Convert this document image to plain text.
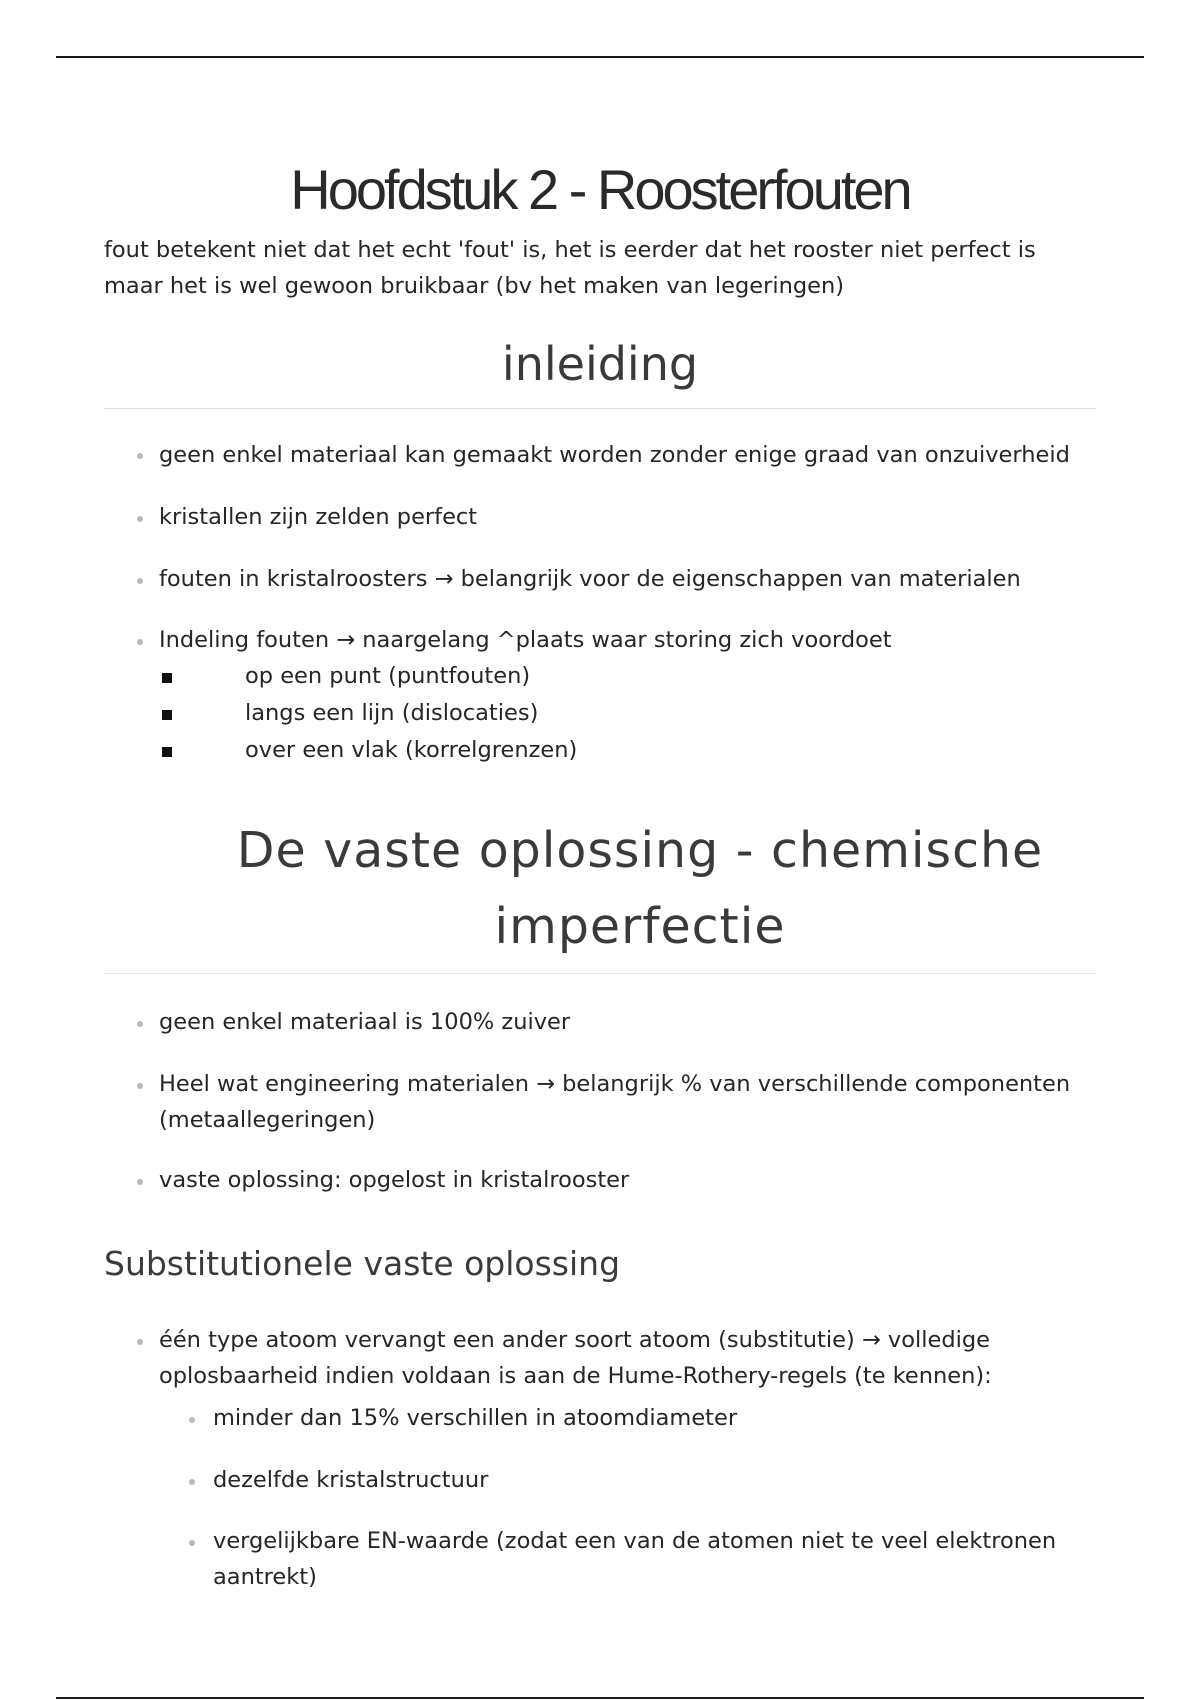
Hoofdstuk 2 - Roosterfouten

fout betekent niet dat het echt 'fout' is, het is eerder dat het rooster niet perfect is maar het is wel gewoon bruikbaar (bv het maken van legeringen)

inleiding
geen enkel materiaal kan gemaakt worden zonder enige graad van onzuiverheid
kristallen zijn zelden perfect
fouten in kristalroosters → belangrijk voor de eigenschappen van materialen
Indeling fouten → naargelang ^plaats waar storing zich voordoet
op een punt (puntfouten)
langs een lijn (dislocaties)
over een vlak (korrelgrenzen)
De vaste oplossing - chemische imperfectie
geen enkel materiaal is 100% zuiver
Heel wat engineering materialen → belangrijk % van verschillende componenten (metaallegeringen)
vaste oplossing: opgelost in kristalrooster
Substitutionele vaste oplossing
één type atoom vervangt een ander soort atoom (substitutie) → volledige oplosbaarheid indien voldaan is aan de Hume-Rothery-regels (te kennen):
minder dan 15% verschillen in atoomdiameter
dezelfde kristalstructuur
vergelijkbare EN-waarde (zodat een van de atomen niet te veel elektronen aantrekt)
